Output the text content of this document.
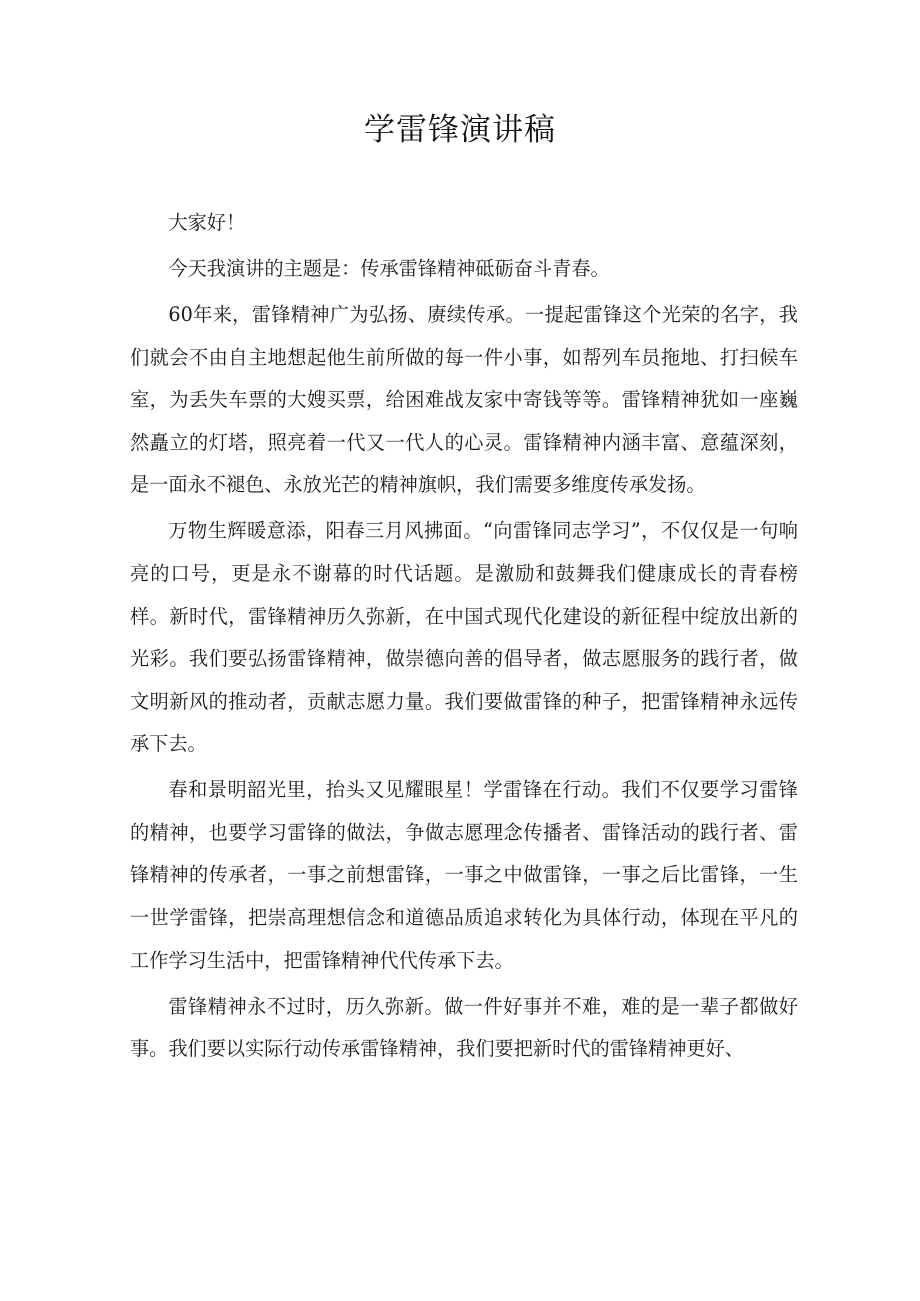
学雷锋演讲稿

大家好！

今天我演讲的主题是：传承雷锋精神砥砺奋斗青春。

60年来，雷锋精神广为弘扬、赓续传承。一提起雷锋这个光荣的名字，我们就会不由自主地想起他生前所做的每一件小事，如帮列车员拖地、打扫候车室，为丢失车票的大嫂买票，给困难战友家中寄钱等等。雷锋精神犹如一座巍然矗立的灯塔，照亮着一代又一代人的心灵。雷锋精神内涵丰富、意蕴深刻，是一面永不褪色、永放光芒的精神旗帜，我们需要多维度传承发扬。

万物生辉暖意添，阳春三月风拂面。“向雷锋同志学习”，不仅仅是一句响亮的口号，更是永不谢幕的时代话题。是激励和鼓舞我们健康成长的青春榜样。新时代，雷锋精神历久弥新，在中国式现代化建设的新征程中绽放出新的光彩。我们要弘扬雷锋精神，做崇德向善的倡导者，做志愿服务的践行者，做文明新风的推动者，贡献志愿力量。我们要做雷锋的种子，把雷锋精神永远传承下去。

春和景明韶光里，抬头又见耀眼星！学雷锋在行动。我们不仅要学习雷锋的精神，也要学习雷锋的做法，争做志愿理念传播者、雷锋活动的践行者、雷锋精神的传承者，一事之前想雷锋，一事之中做雷锋，一事之后比雷锋，一生一世学雷锋，把崇高理想信念和道德品质追求转化为具体行动，体现在平凡的工作学习生活中，把雷锋精神代代传承下去。

雷锋精神永不过时，历久弥新。做一件好事并不难，难的是一辈子都做好事。我们要以实际行动传承雷锋精神，我们要把新时代的雷锋精神更好、
